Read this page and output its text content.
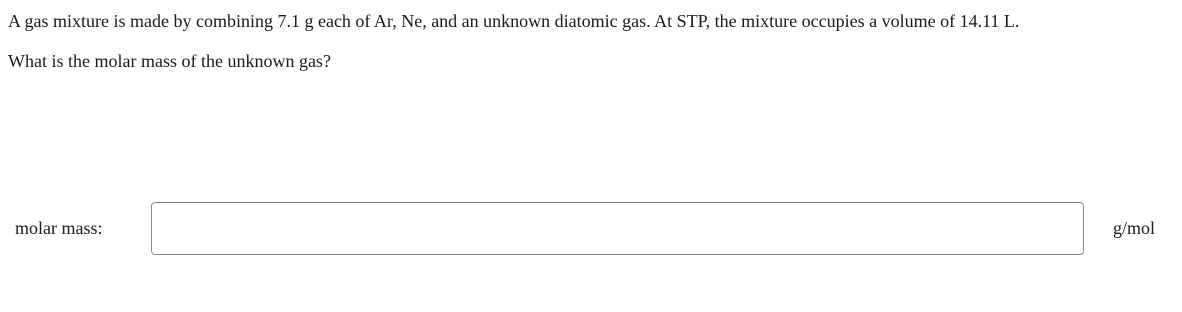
A gas mixture is made by combining 7.1 g each of Ar, Ne, and an unknown diatomic gas. At STP, the mixture occupies a volume of 14.11 L.

What is the molar mass of the unknown gas?

molar mass:	g/mol
